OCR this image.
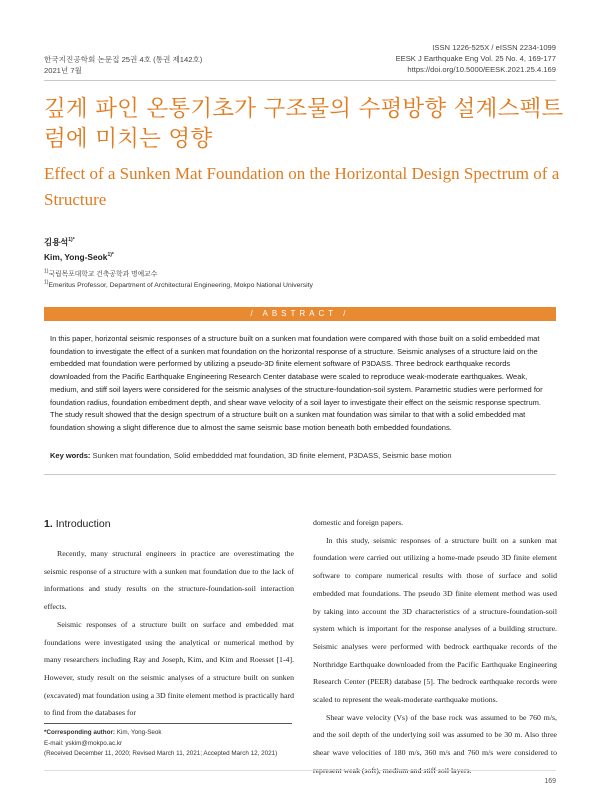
한국지진공학회 논문집 25권 4호 (통권 제142호)
2021년 7월
ISSN 1226-525X / eISSN 2234-1099
EESK J Earthquake Eng Vol. 25 No. 4, 169-177
https://doi.org/10.5000/EESK.2021.25.4.169
깊게 파인 온통기초가 구조물의 수평방향 설계스펙트럼에 미치는 영향
Effect of a Sunken Mat Foundation on the Horizontal Design Spectrum of a Structure
김용석$^{1)*}$
Kim, Yong-Seok$^{1)*}$
$^{1)}$국립목포대학교 건축공학과 명예교수
$^{1)}$Emeritus Professor, Department of Architectural Engineering, Mokpo National University
/ ABSTRACT /
In this paper, horizontal seismic responses of a structure built on a sunken mat foundation were compared with those built on a solid embedded mat foundation to investigate the effect of a sunken mat foundation on the horizontal response of a structure. Seismic analyses of a structure laid on the embedded mat foundation were performed by utilizing a pseudo-3D finite element software of P3DASS. Three bedrock earthquake records downloaded from the Pacific Earthquake Engineering Research Center database were scaled to reproduce weak-moderate earthquakes. Weak, medium, and stiff soil layers were considered for the seismic analyses of the structure-foundation-soil system. Parametric studies were performed for foundation radius, foundation embedment depth, and shear wave velocity of a soil layer to investigate their effect on the seismic response spectrum. The study result showed that the design spectrum of a structure built on a sunken mat foundation was similar to that with a solid embedded mat foundation showing a slight difference due to almost the same seismic base motion beneath both embedded foundations.
Key words: Sunken mat foundation, Solid embeddded mat foundation, 3D finite element, P3DASS, Seismic base motion
1. Introduction

Recently, many structural engineers in practice are overestimating the seismic response of a structure with a sunken mat foundation due to the lack of informations and study results on the structure-foundation-soil interaction effects.

Seismic responses of a structure built on surface and embedded mat foundations were investigated using the analytical or numerical method by many researchers including Ray and Joseph, Kim, and Kim and Roesset [1-4]. However, study result on the seismic analyses of a structure built on sunken (excavated) mat foundation using a 3D finite element method is practically hard to find from the databases for

domestic and foreign papers.

In this study, seismic responses of a structure built on a sunken mat foundation were carried out utilizing a home-made pseudo 3D finite element software to compare numerical results with those of surface and solid embedded mat foundations. The pseudo 3D finite element method was used by taking into account the 3D characteristics of a structure-foundation-soil system which is important for the response analyses of a building structure. Seismic analyses were performed with bedrock earthquake records of the Northridge Earthquake downloaded from the Pacific Earthquake Engineering Research Center (PEER) database [5]. The bedrock earthquake records were scaled to represent the weak-moderate earthquake motions.

Shear wave velocity (Vs) of the base rock was assumed to be 760 m/s, and the soil depth of the underlying soil was assumed to be 30 m. Also three shear wave velocities of 180 m/s, 360 m/s and 760 m/s were considered to

*Corresponding author: Kim, Yong-Seok
E-mail: yskim@mokpo.ac.kr
(Received December 11, 2020; Revised March 11, 2021; Accepted March 12, 2021)
169
